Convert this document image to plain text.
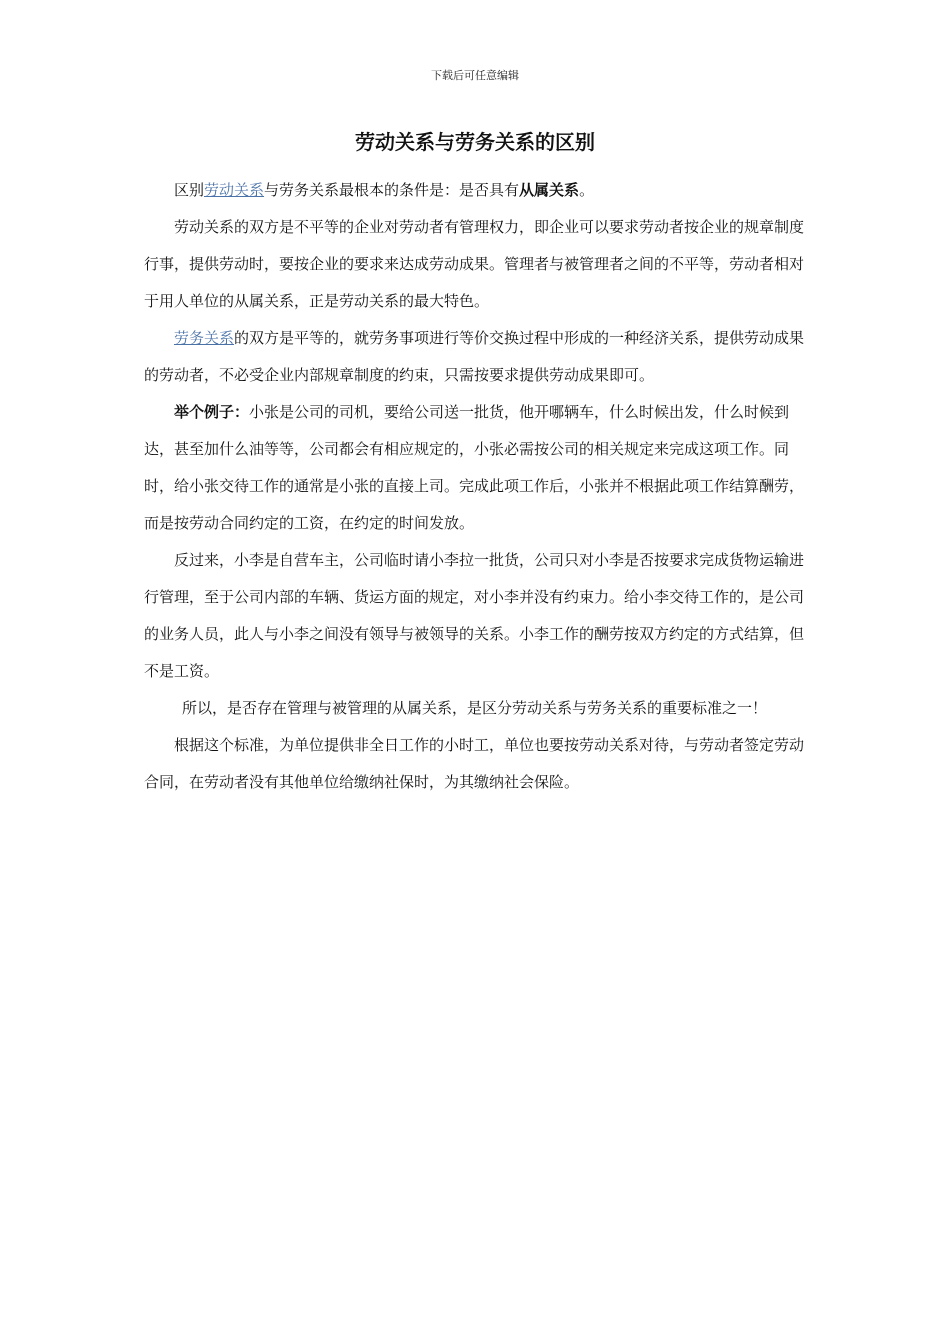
下载后可任意编辑
劳动关系与劳务关系的区别

区别劳动关系与劳务关系最根本的条件是：是否具有从属关系。

劳动关系的双方是不平等的企业对劳动者有管理权力，即企业可以要求劳动者按企业的规章制度行事，提供劳动时，要按企业的要求来达成劳动成果。管理者与被管理者之间的不平等，劳动者相对于用人单位的从属关系，正是劳动关系的最大特色。

劳务关系的双方是平等的，就劳务事项进行等价交换过程中形成的一种经济关系，提供劳动成果的劳动者，不必受企业内部规章制度的约束，只需按要求提供劳动成果即可。

举个例子：小张是公司的司机，要给公司送一批货，他开哪辆车，什么时候出发，什么时候到达，甚至加什么油等等，公司都会有相应规定的，小张必需按公司的相关规定来完成这项工作。同时，给小张交待工作的通常是小张的直接上司。完成此项工作后，小张并不根据此项工作结算酬劳，而是按劳动合同约定的工资，在约定的时间发放。

反过来，小李是自营车主，公司临时请小李拉一批货，公司只对小李是否按要求完成货物运输进行管理，至于公司内部的车辆、货运方面的规定，对小李并没有约束力。给小李交待工作的，是公司的业务人员，此人与小李之间没有领导与被领导的关系。小李工作的酬劳按双方约定的方式结算，但不是工资。

所以，是否存在管理与被管理的从属关系，是区分劳动关系与劳务关系的重要标准之一！

根据这个标准，为单位提供非全日工作的小时工，单位也要按劳动关系对待，与劳动者签定劳动合同，在劳动者没有其他单位给缴纳社保时，为其缴纳社会保险。
